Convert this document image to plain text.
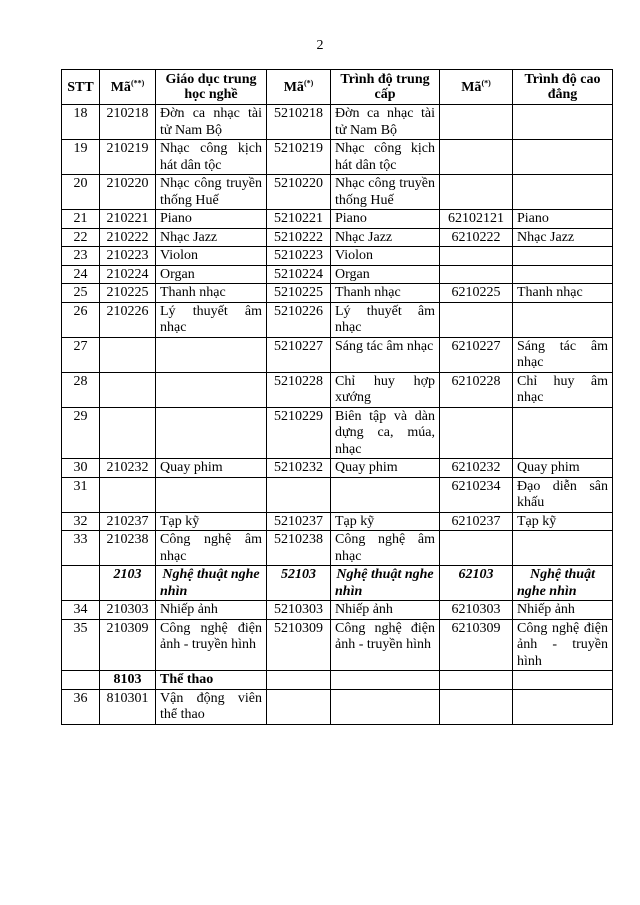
2
STT	Mã(**)	Giáo dục trung học nghề	Mã(*)	Trình độ trung cấp	Mã(*)	Trình độ cao đẳng
18	210218	Đờn ca nhạc tài tử Nam Bộ	5210218	Đờn ca nhạc tài tử Nam Bộ		
19	210219	Nhạc công kịch hát dân tộc	5210219	Nhạc công kịch hát dân tộc		
20	210220	Nhạc công truyền thống Huế	5210220	Nhạc công truyền thống Huế		
21	210221	Piano	5210221	Piano	62102121	Piano
22	210222	Nhạc Jazz	5210222	Nhạc Jazz	6210222	Nhạc Jazz
23	210223	Violon	5210223	Violon		
24	210224	Organ	5210224	Organ		
25	210225	Thanh nhạc	5210225	Thanh nhạc	6210225	Thanh nhạc
26	210226	Lý thuyết âm nhạc	5210226	Lý thuyết âm nhạc		
27			5210227	Sáng tác âm nhạc	6210227	Sáng tác âm nhạc
28			5210228	Chỉ huy hợp xướng	6210228	Chỉ huy âm nhạc
29			5210229	Biên tập và dàn dựng ca, múa, nhạc		
30	210232	Quay phim	5210232	Quay phim	6210232	Quay phim
31					6210234	Đạo diễn sân khấu
32	210237	Tạp kỹ	5210237	Tạp kỹ	6210237	Tạp kỹ
33	210238	Công nghệ âm nhạc	5210238	Công nghệ âm nhạc		
	2103	Nghệ thuật nghe nhìn	52103	Nghệ thuật nghe nhìn	62103	Nghệ thuật nghe nhìn
34	210303	Nhiếp ảnh	5210303	Nhiếp ảnh	6210303	Nhiếp ảnh
35	210309	Công nghệ điện ảnh - truyền hình	5210309	Công nghệ điện ảnh - truyền hình	6210309	Công nghệ điện ảnh - truyền hình
	8103	Thể thao				
36	810301	Vận động viên thể thao				
